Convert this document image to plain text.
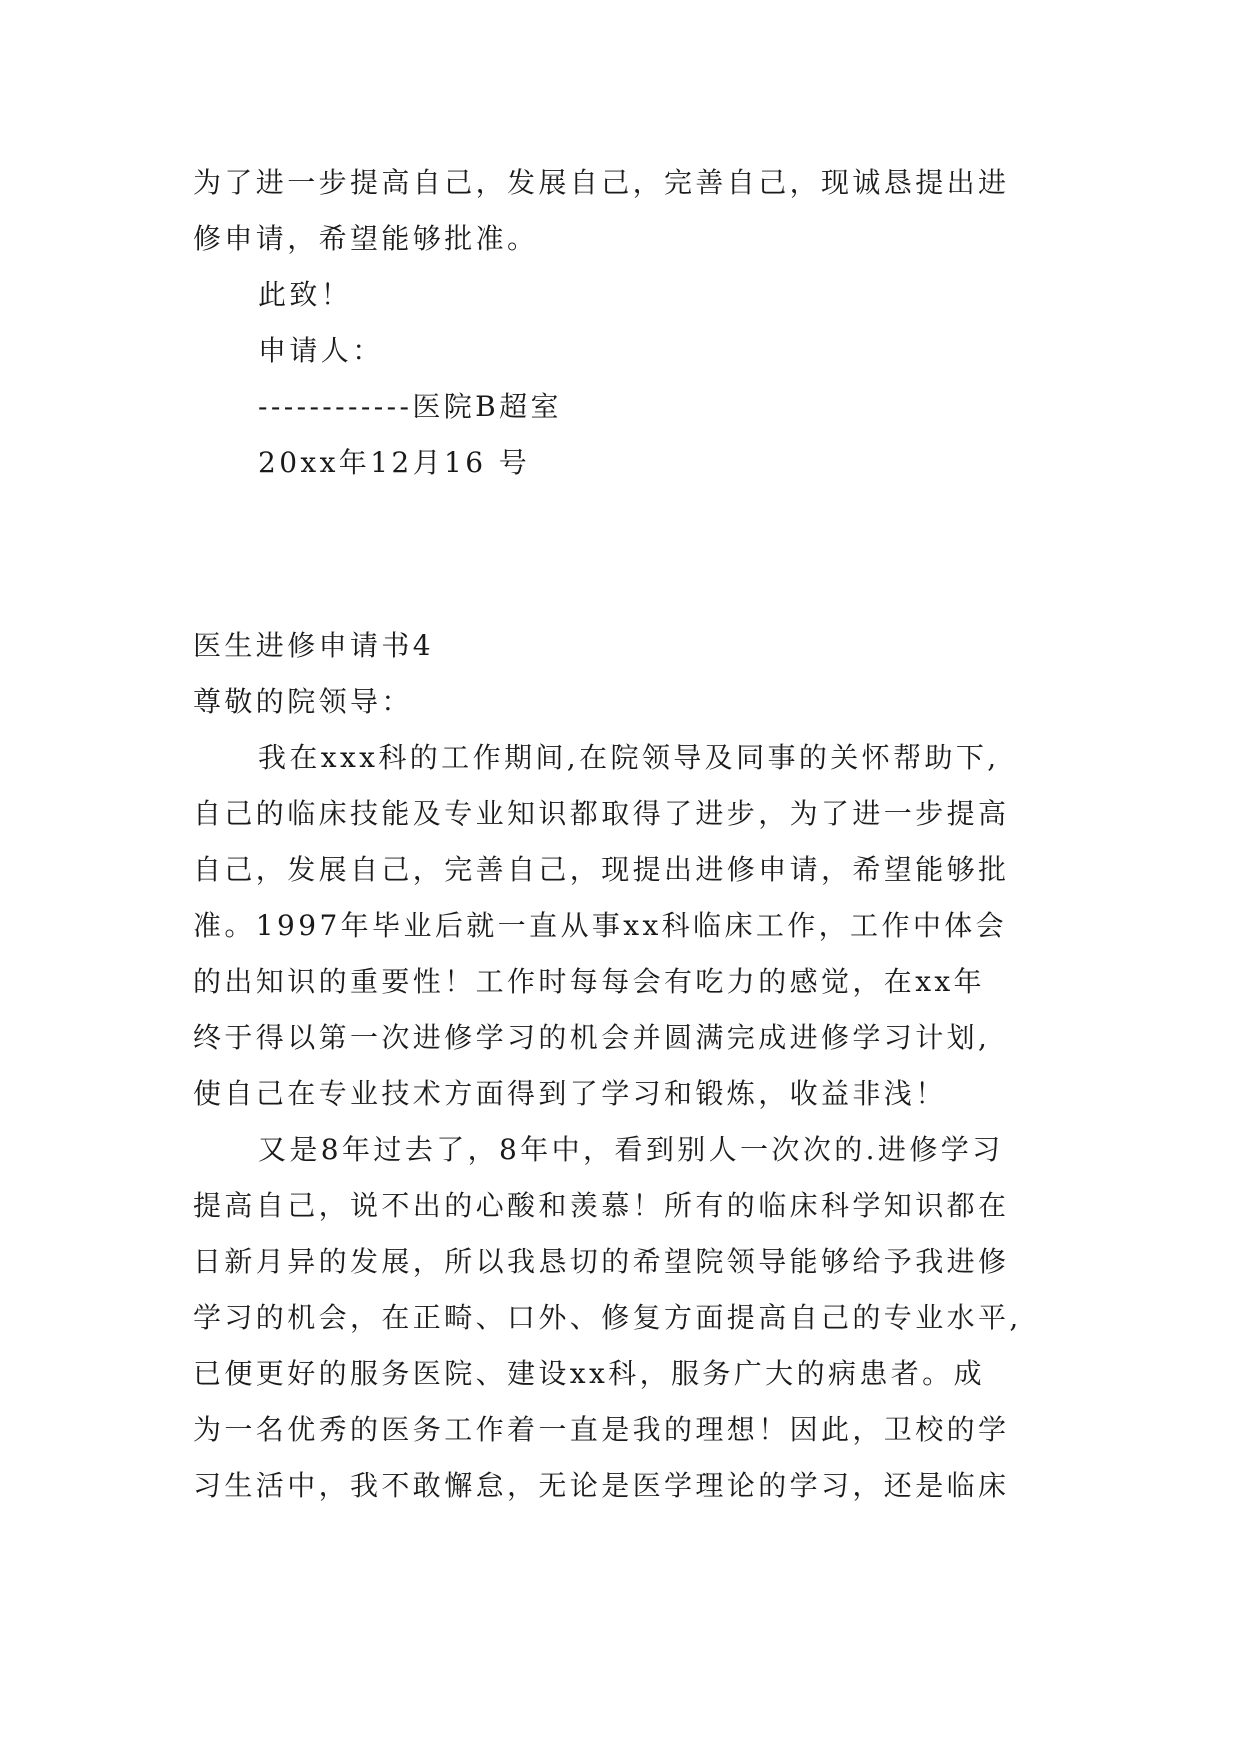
为了进一步提高自己，发展自己，完善自己，现诚恳提出进
修申请，希望能够批准。
此致！
申请人：
------------医院B超室
20xx年12月16 号
医生进修申请书4
尊敬的院领导：
我在xxx科的工作期间,在院领导及同事的关怀帮助下,
自己的临床技能及专业知识都取得了进步，为了进一步提高
自己，发展自己，完善自己，现提出进修申请，希望能够批
准。1997年毕业后就一直从事xx科临床工作，工作中体会
的出知识的重要性！工作时每每会有吃力的感觉，在xx年
终于得以第一次进修学习的机会并圆满完成进修学习计划,
使自己在专业技术方面得到了学习和锻炼，收益非浅！
又是8年过去了，8年中，看到别人一次次的.进修学习
提高自己，说不出的心酸和羡慕！所有的临床科学知识都在
日新月异的发展，所以我恳切的希望院领导能够给予我进修
学习的机会，在正畸、口外、修复方面提高自己的专业水平,
已便更好的服务医院、建设xx科，服务广大的病患者。成
为一名优秀的医务工作着一直是我的理想！因此，卫校的学
习生活中，我不敢懈怠，无论是医学理论的学习，还是临床
